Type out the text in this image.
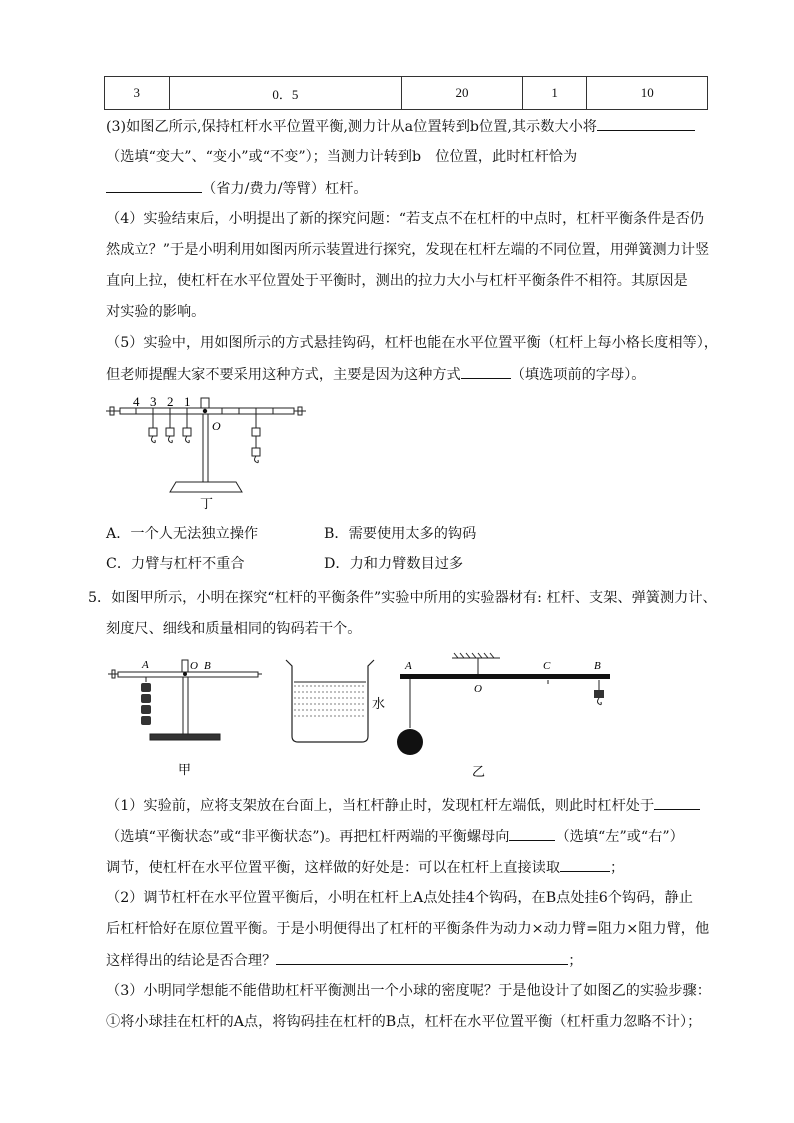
3	0．5	20	1	10
(3)如图乙所示,保持杠杆水平位置平衡,测力计从a位置转到b位置,其示数大小将
（选填“变大”、“变小”或“不变”）；当测力计转到b　位位置，此时杠杆恰为
（省力/费力/等臂）杠杆。
（4）实验结束后，小明提出了新的探究问题：“若支点不在杠杆的中点时，杠杆平衡条件是否仍
然成立？”于是小明利用如图丙所示装置进行探究，发现在杠杆左端的不同位置，用弹簧测力计竖
直向上拉，使杠杆在水平位置处于平衡时，测出的拉力大小与杠杆平衡条件不相符。其原因是
对实验的影响。
（5）实验中，用如图所示的方式悬挂钩码，杠杆也能在水平位置平衡（杠杆上每小格长度相等），
但老师提醒大家不要采用这种方式，主要是因为这种方式	（填选项前的字母）。
4 3 2 1
O
丁
A．一个人无法独立操作	B．需要使用太多的钩码
C．力臂与杠杆不重合	D．力和力臂数目过多
5．如图甲所示，小明在探究“杠杆的平衡条件”实验中所用的实验器材有: 杠杆、支架、弹簧测力计、
刻度尺、细线和质量相同的钩码若干个。
A	O B
甲
水
A
O
C	B
乙
（1）实验前，应将支架放在台面上，当杠杆静止时，发现杠杆左端低，则此时杠杆处于
（选填“平衡状态”或“非平衡状态”)。再把杠杆两端的平衡螺母向	（选填“左”或“右”）
调节，使杠杆在水平位置平衡，这样做的好处是：可以在杠杆上直接读取	；
（2）调节杠杆在水平位置平衡后，小明在杠杆上A点处挂4个钩码，在B点处挂6个钩码，静止
后杠杆恰好在原位置平衡。于是小明便得出了杠杆的平衡条件为动力×动力臂=阻力×阻力臂，他
这样得出的结论是否合理？	；
（3）小明同学想能不能借助杠杆平衡测出一个小球的密度呢？于是他设计了如图乙的实验步骤：
①将小球挂在杠杆的A点，将钩码挂在杠杆的B点，杠杆在水平位置平衡（杠杆重力忽略不计）；
